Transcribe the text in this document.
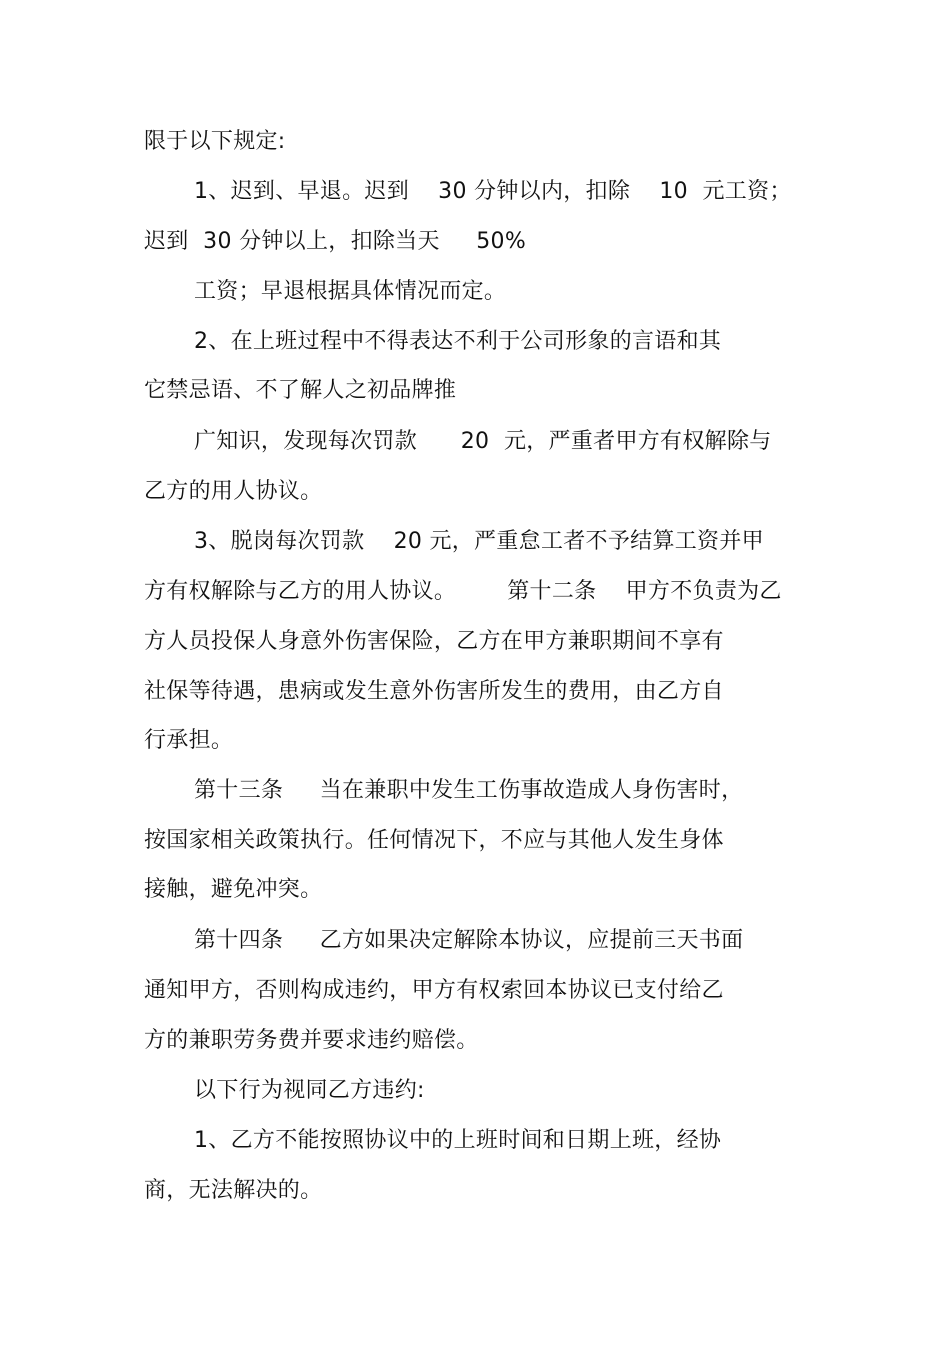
限于以下规定:
1、迟到、早退。迟到    30 分钟以内，扣除    10  元工资；
迟到  30 分钟以上，扣除当天     50%
工资；早退根据具体情况而定。
2、在上班过程中不得表达不利于公司形象的言语和其
它禁忌语、不了解人之初品牌推
广知识，发现每次罚款      20  元，严重者甲方有权解除与
乙方的用人协议。
3、脱岗每次罚款    20 元，严重怠工者不予结算工资并甲
方有权解除与乙方的用人协议。       第十二条    甲方不负责为乙
方人员投保人身意外伤害保险，乙方在甲方兼职期间不享有
社保等待遇，患病或发生意外伤害所发生的费用，由乙方自
行承担。
第十三条     当在兼职中发生工伤事故造成人身伤害时，
按国家相关政策执行。任何情况下，不应与其他人发生身体
接触，避免冲突。
第十四条     乙方如果决定解除本协议，应提前三天书面
通知甲方，否则构成违约，甲方有权索回本协议已支付给乙
方的兼职劳务费并要求违约赔偿。
以下行为视同乙方违约:
1、乙方不能按照协议中的上班时间和日期上班，经协
商，无法解决的。
